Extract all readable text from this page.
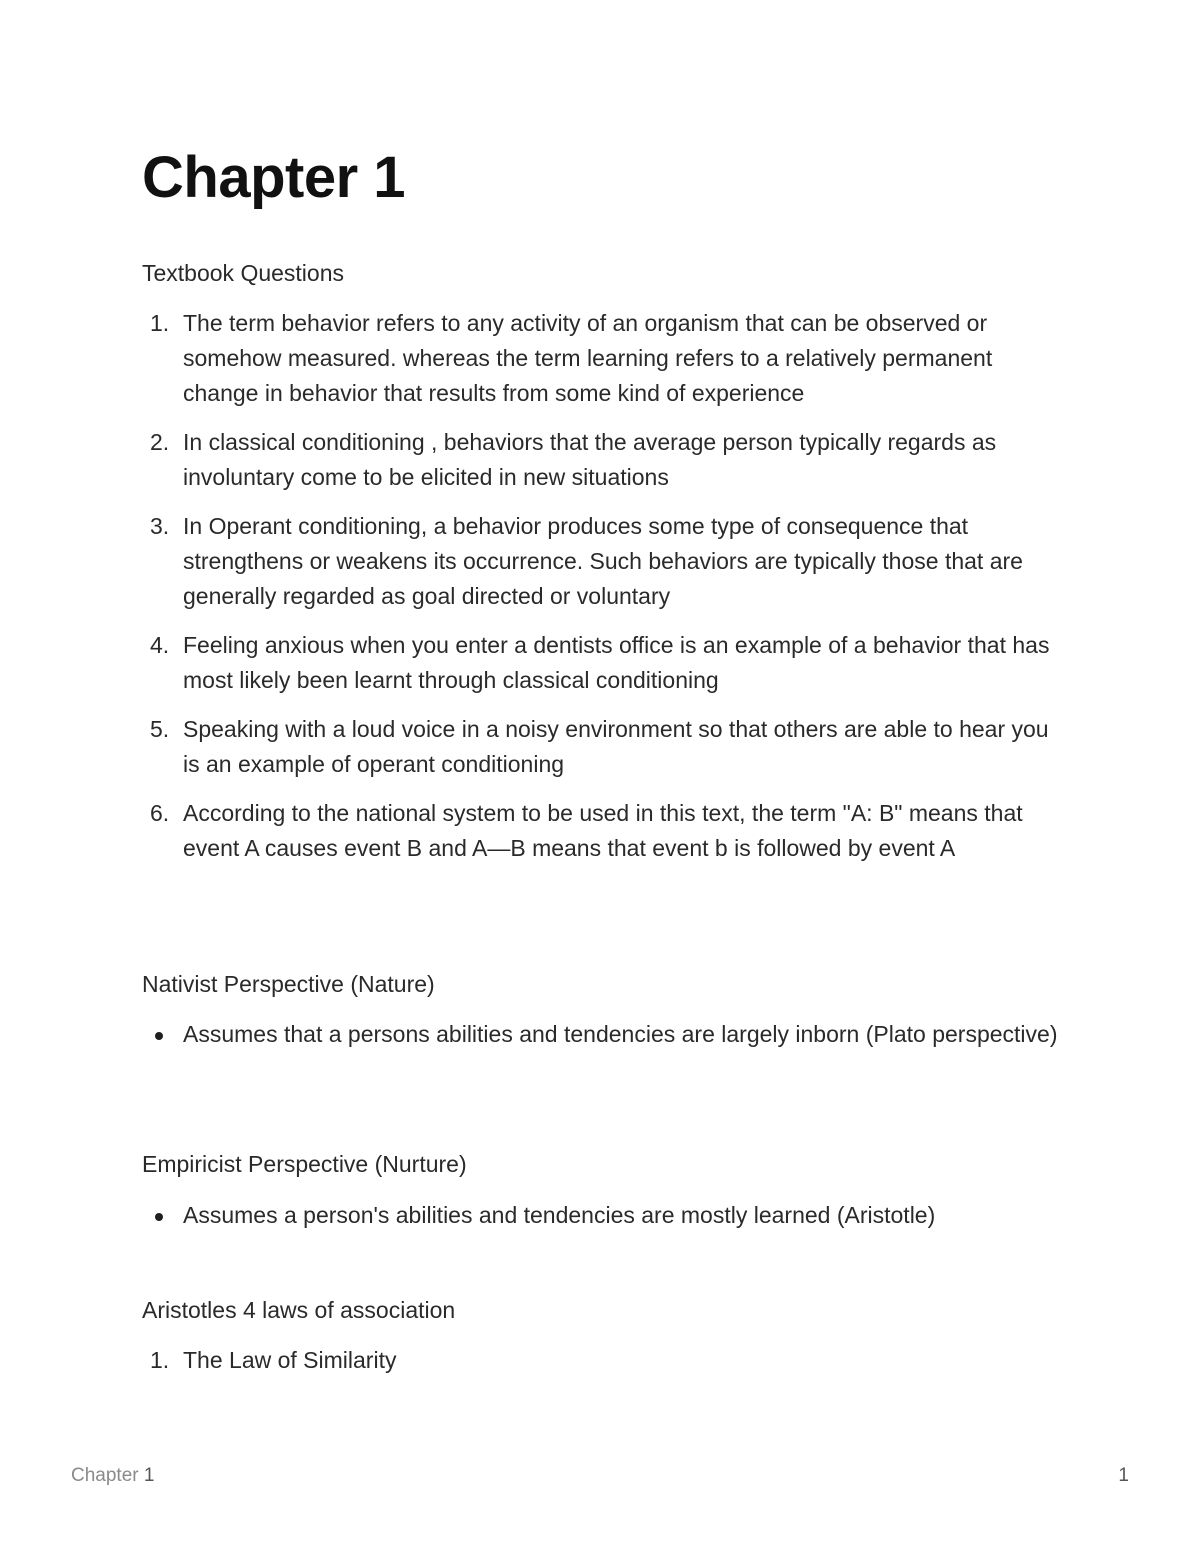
Chapter 1
Textbook Questions
1. The term behavior refers to any activity of an organism that can be observed or somehow measured. whereas the term learning refers to a relatively permanent change in behavior that results from some kind of experience
2. In classical conditioning , behaviors that the average person typically regards as involuntary come to be elicited in new situations
3. In Operant conditioning, a behavior produces some type of consequence that strengthens or weakens its occurrence. Such behaviors are typically those that are generally regarded as goal directed or voluntary
4. Feeling anxious when you enter a dentists office is an example of a behavior that has most likely been learnt through classical conditioning
5. Speaking with a loud voice in a noisy environment so that others are able to hear you is an example of operant conditioning
6. According to the national system to be used in this text, the term "A: B" means that event A causes event B and A—B means that event b is followed by event A
Nativist Perspective (Nature)
Assumes that a persons abilities and tendencies are largely inborn (Plato perspective)
Empiricist Perspective (Nurture)
Assumes a person's abilities and tendencies are mostly learned (Aristotle)
Aristotles 4 laws of association
1. The Law of Similarity
Chapter 1	1
